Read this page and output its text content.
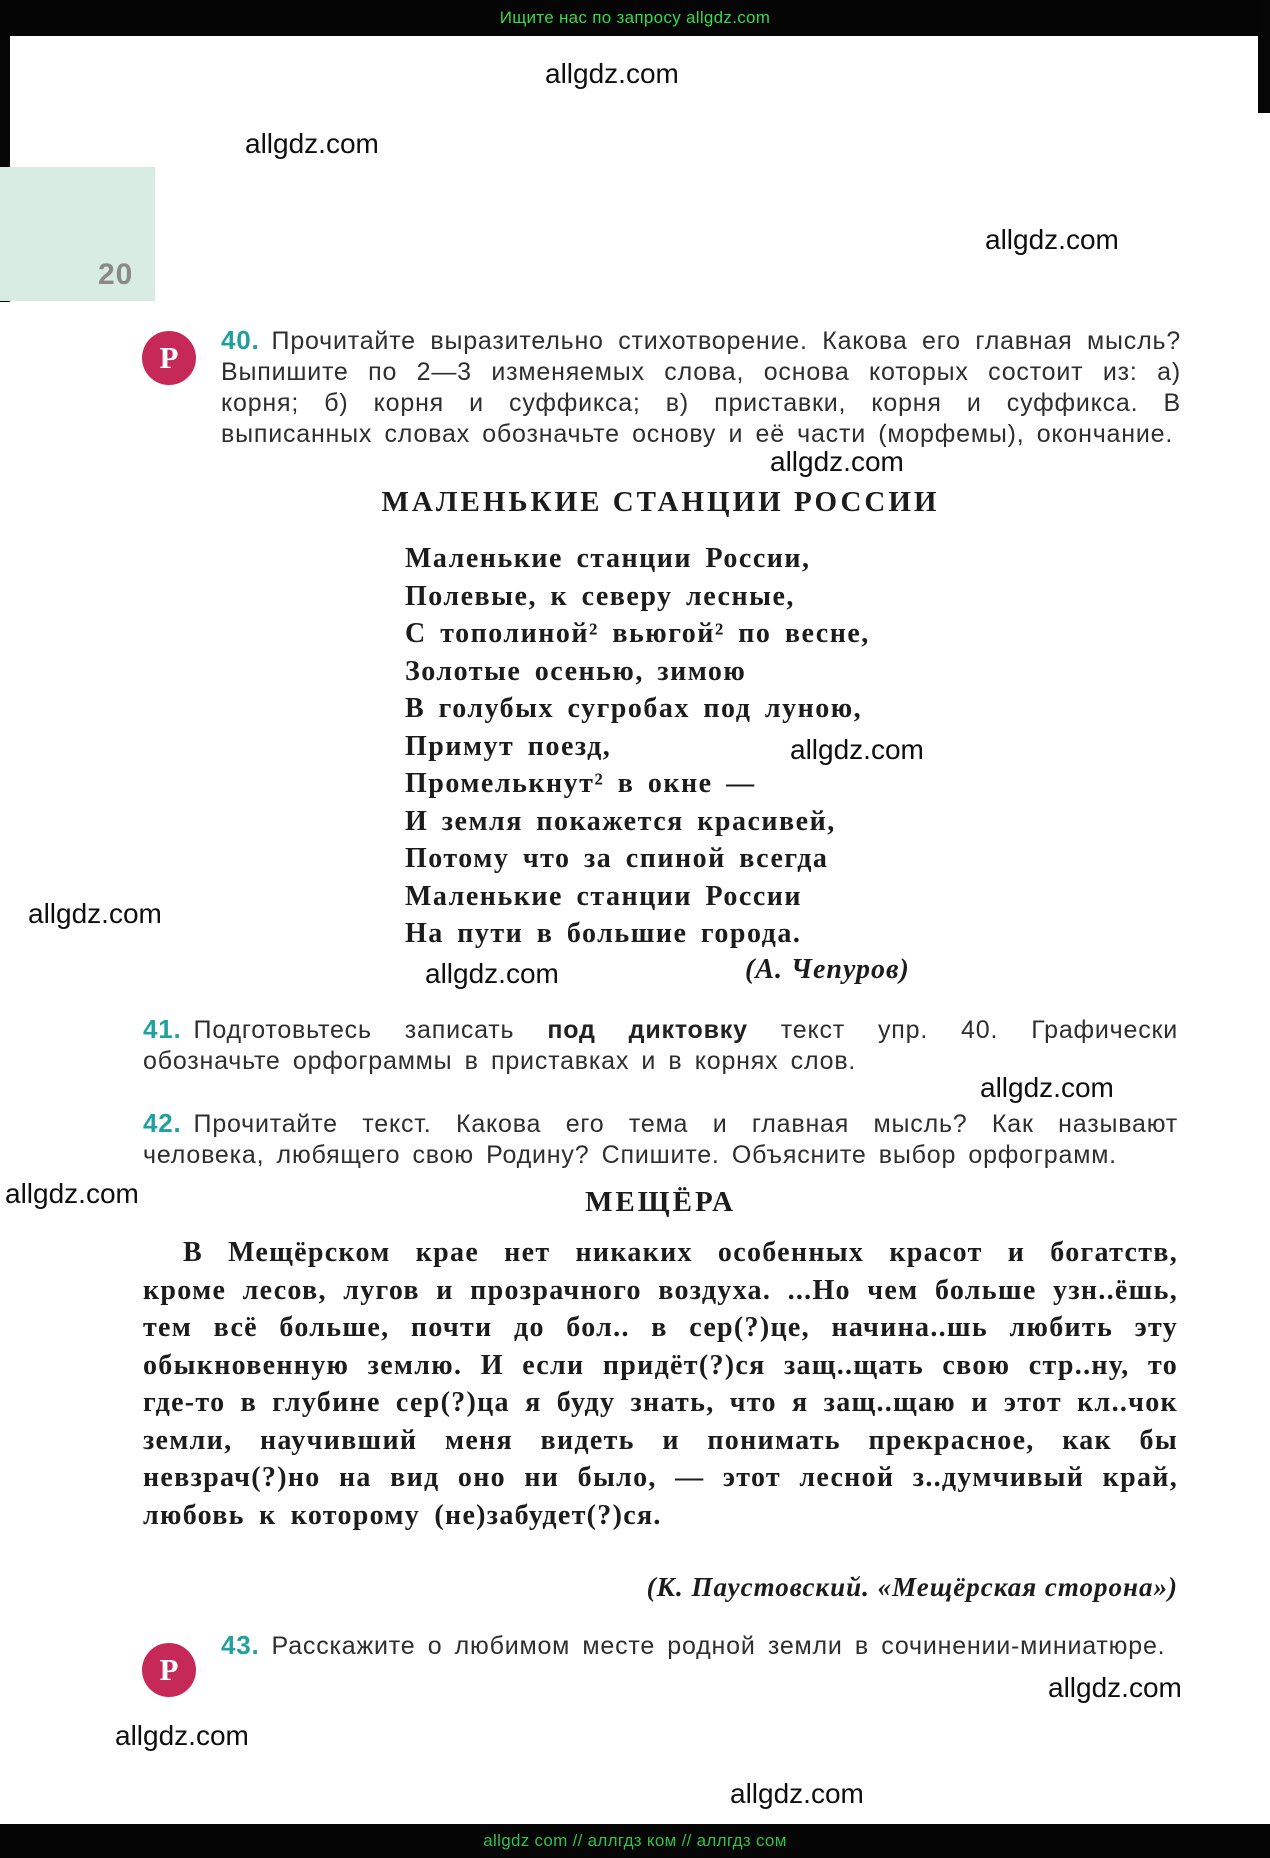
Ищите нас по запросу allgdz.com
allgdz.com
allgdz.com
allgdz.com
allgdz.com
allgdz.com
allgdz.com
allgdz.com
allgdz.com
allgdz.com
allgdz.com
allgdz.com
allgdz.com
20
Р 40. Прочитайте выразительно стихотворение. Какова его главная мысль? Выпишите по 2—3 изменяемых слова, основа которых состоит из: а) корня; б) корня и суффикса; в) приставки, корня и суффикса. В выписанных словах обозначьте основу и её части (морфемы), окончание.

МАЛЕНЬКИЕ СТАНЦИИ РОССИИ
Маленькие станции России,
Полевые, к северу лесные,
С тополиной² вьюгой² по весне,
Золотые осенью, зимою
В голубых сугробах под луною,
Примут поезд,
Промелькнут² в окне —
И земля покажется красивей,
Потому что за спиной всегда
Маленькие станции России
На пути в большие города.
(А. Чепуров)

41. Подготовьтесь записать под диктовку текст упр. 40. Графически обозначьте орфограммы в приставках и в корнях слов.

42. Прочитайте текст. Какова его тема и главная мысль? Как называют человека, любящего свою Родину? Спишите. Объясните выбор орфограмм.

МЕЩЁРА
В Мещёрском крае нет никаких особенных красот и богатств, кроме лесов, лугов и прозрачного воздуха. ...Но чем больше узн..ёшь, тем всё больше, почти до бол.. в сер(?)це, начина..шь любить эту обыкновенную землю. И если придёт(?)ся защ..щать свою стр..ну, то где-то в глубине сер(?)ца я буду знать, что я защ..щаю и этот кл..чок земли, научивший меня видеть и понимать прекрасное, как бы невзрач(?)но на вид оно ни было, — этот лесной з..думчивый край, любовь к которому (не)забудет(?)ся.
(К. Паустовский. «Мещёрская сторона»)
Р

43. Расскажите о любимом месте родной земли в сочинении-миниатюре.

allgdz com // аллгдз ком // аллгдз сом
